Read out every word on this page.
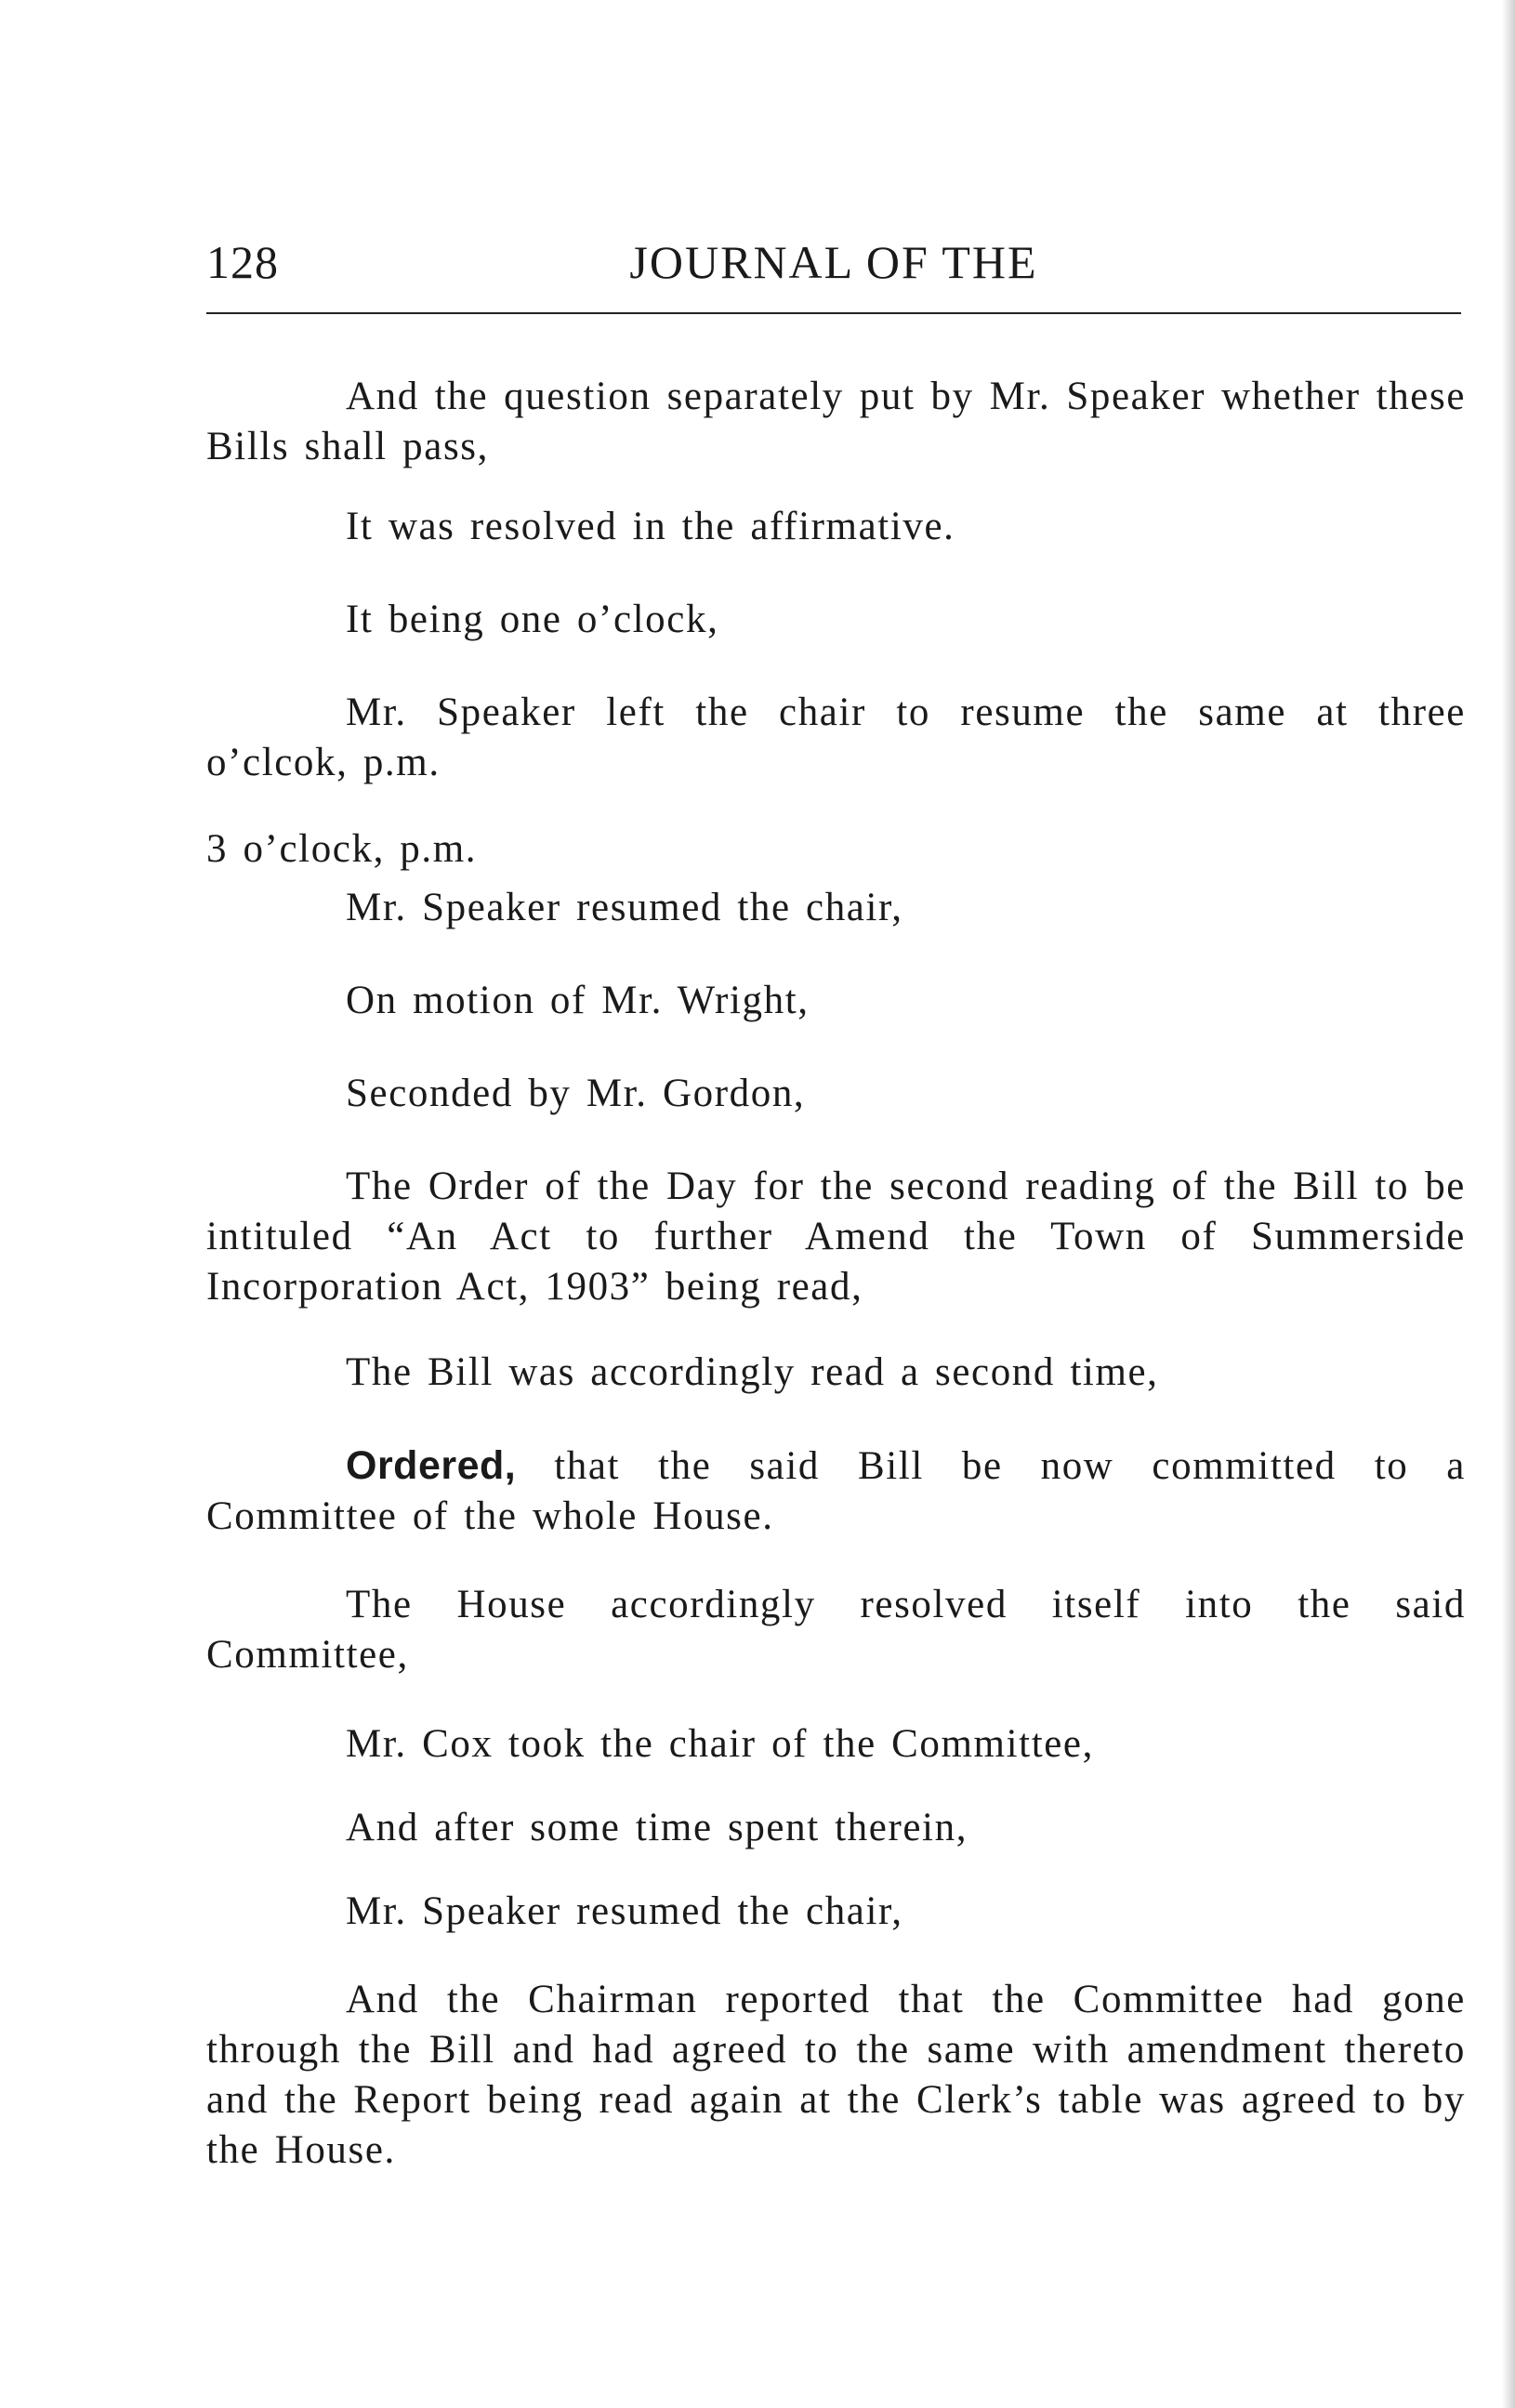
128	JOURNAL OF THE

And the question separately put by Mr. Speaker whether these Bills shall pass,

It was resolved in the affirmative.

It being one o’clock,

Mr. Speaker left the chair to resume the same at three o’clcok, p.m.

3 o’clock, p.m.

Mr. Speaker resumed the chair,

On motion of Mr. Wright,

Seconded by Mr. Gordon,

The Order of the Day for the second reading of the Bill to be intituled “An Act to further Amend the Town of Summerside Incorporation Act, 1903” being read,

The Bill was accordingly read a second time,

Ordered, that the said Bill be now committed to a Committee of the whole House.

The House accordingly resolved itself into the said Committee,

Mr. Cox took the chair of the Committee,

And after some time spent therein,

Mr. Speaker resumed the chair,

And the Chairman reported that the Committee had gone through the Bill and had agreed to the same with amendment thereto and the Report being read again at the Clerk’s table was agreed to by the House.
